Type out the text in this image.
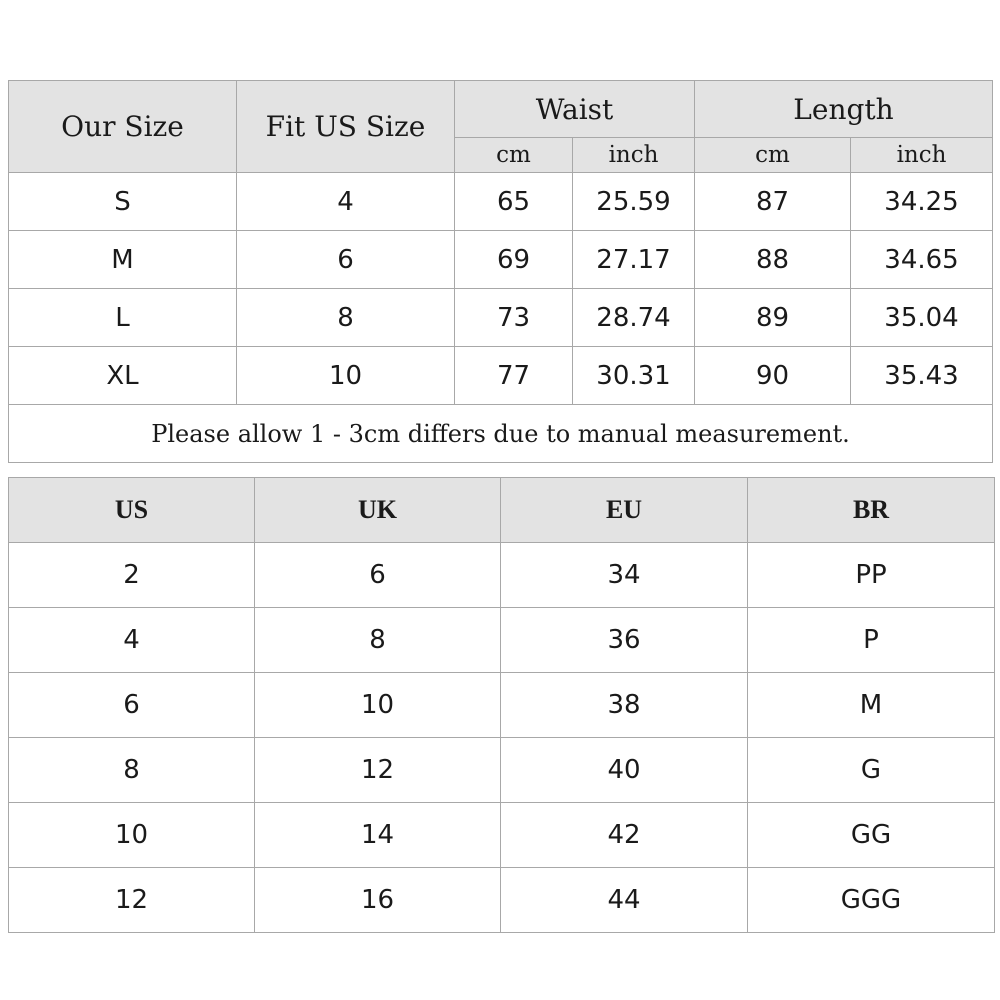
Our Size	Fit US Size	Waist		Length	
		cm	inch	cm	inch
S	4	65	25.59	87	34.25
M	6	69	27.17	88	34.65
L	8	73	28.74	89	35.04
XL	10	77	30.31	90	35.43
Please allow 1 - 3cm differs due to manual measurement.					
US	UK	EU	BR
2	6	34	PP
4	8	36	P
6	10	38	M
8	12	40	G
10	14	42	GG
12	16	44	GGG
